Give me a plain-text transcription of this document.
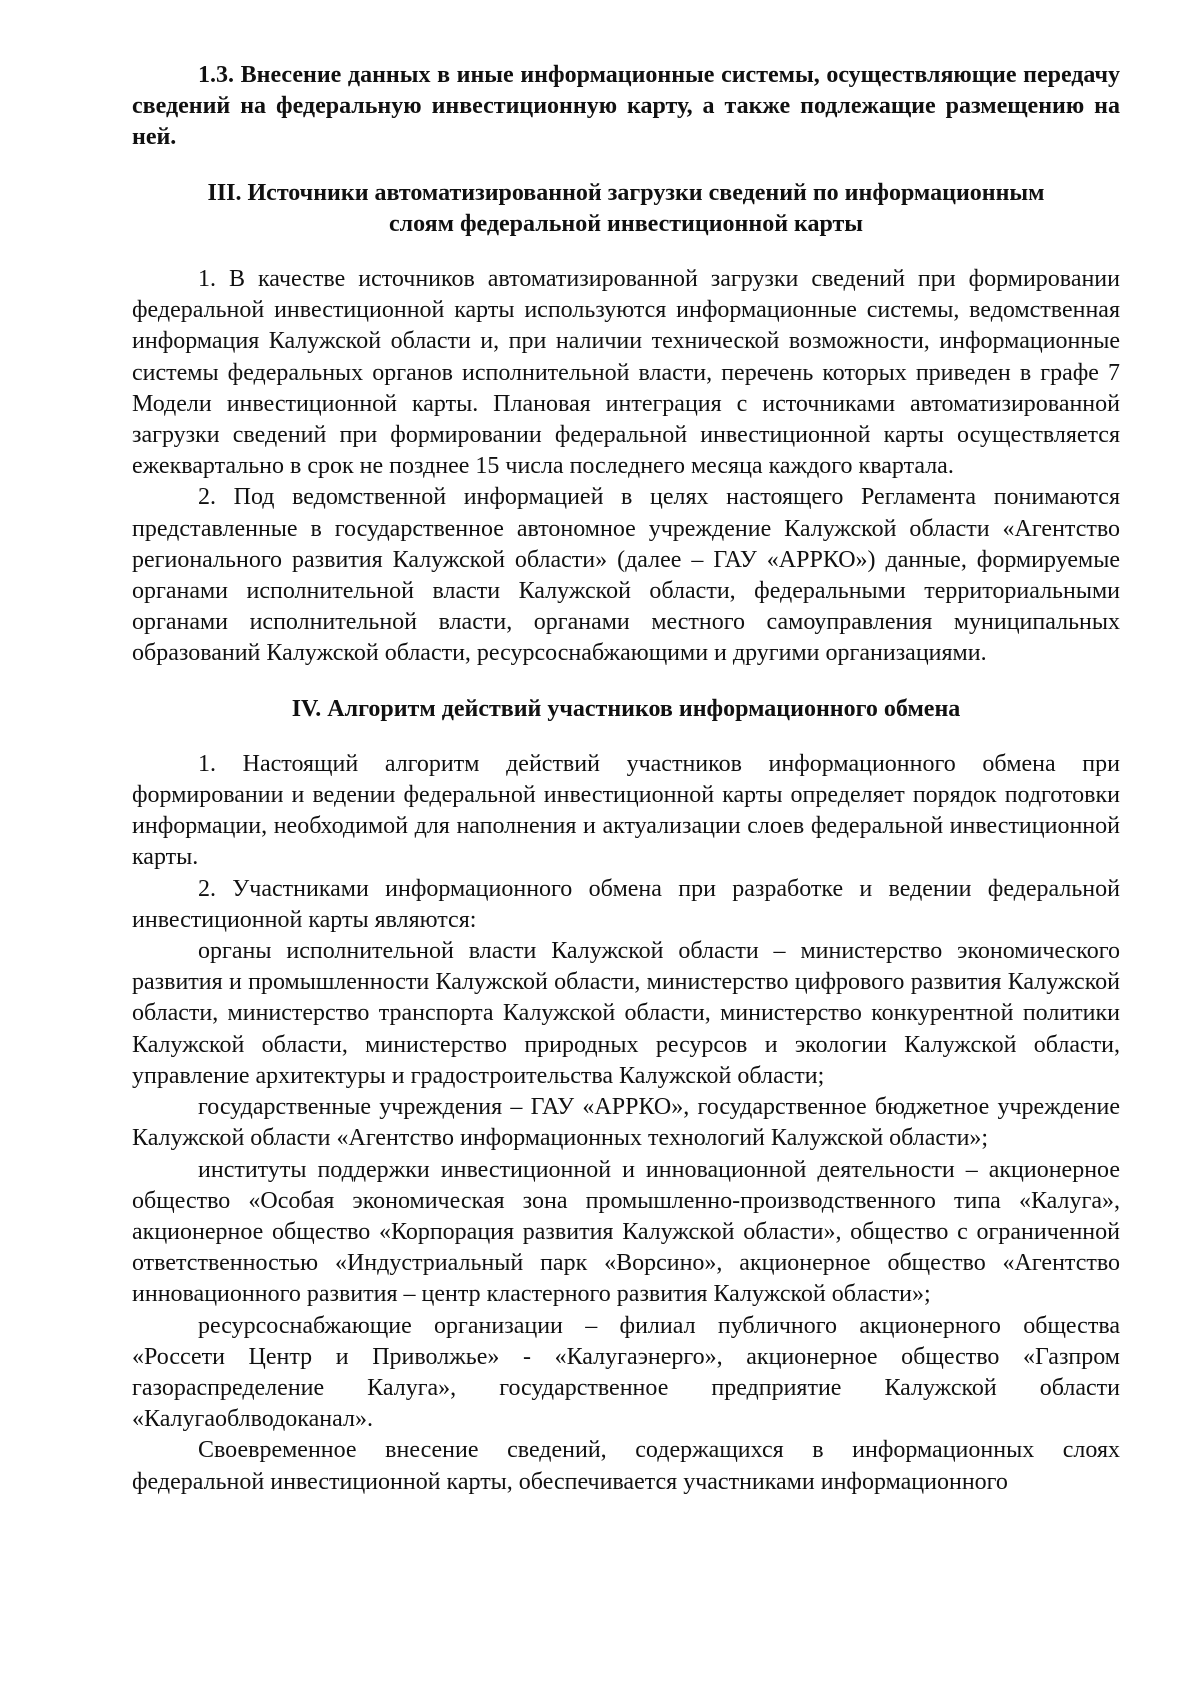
1.3. Внесение данных в иные информационные системы, осуществляющие передачу сведений на федеральную инвестиционную карту, а также подлежащие размещению на ней.

III. Источники автоматизированной загрузки сведений по информационным
слоям федеральной инвестиционной карты

1. В качестве источников автоматизированной загрузки сведений при формировании федеральной инвестиционной карты используются информационные системы, ведомственная информация Калужской области и, при наличии технической возможности, информационные системы федеральных органов исполнительной власти, перечень которых приведен в графе 7 Модели инвестиционной карты. Плановая интеграция с источниками автоматизированной загрузки сведений при формировании федеральной инвестиционной карты осуществляется ежеквартально в срок не позднее 15 числа последнего месяца каждого квартала.

2. Под ведомственной информацией в целях настоящего Регламента понимаются представленные в государственное автономное учреждение Калужской области «Агентство регионального развития Калужской области» (далее – ГАУ «АРРКО») данные, формируемые органами исполнительной власти Калужской области, федеральными территориальными органами исполнительной власти, органами местного самоуправления муниципальных образований Калужской области, ресурсоснабжающими и другими организациями.

IV. Алгоритм действий участников информационного обмена

1. Настоящий алгоритм действий участников информационного обмена при формировании и ведении федеральной инвестиционной карты определяет порядок подготовки информации, необходимой для наполнения и актуализации слоев федеральной инвестиционной карты.

2. Участниками информационного обмена при разработке и ведении федеральной инвестиционной карты являются:

органы исполнительной власти Калужской области – министерство экономического развития и промышленности Калужской области, министерство цифрового развития Калужской области, министерство транспорта Калужской области, министерство конкурентной политики Калужской области, министерство природных ресурсов и экологии Калужской области, управление архитектуры и градостроительства Калужской области;

государственные учреждения – ГАУ «АРРКО», государственное бюджетное учреждение Калужской области «Агентство информационных технологий Калужской области»;

институты поддержки инвестиционной и инновационной деятельности – акционерное общество «Особая экономическая зона промышленно-производственного типа «Калуга», акционерное общество «Корпорация развития Калужской области», общество с ограниченной ответственностью «Индустриальный парк «Ворсино», акционерное общество «Агентство инновационного развития – центр кластерного развития Калужской области»;

ресурсоснабжающие организации – филиал публичного акционерного общества «Россети Центр и Приволжье» - «Калугаэнерго», акционерное общество «Газпром газораспределение Калуга», государственное предприятие Калужской области «Калугаоблводоканал».

Своевременное внесение сведений, содержащихся в информационных слоях федеральной инвестиционной карты, обеспечивается участниками информационного
